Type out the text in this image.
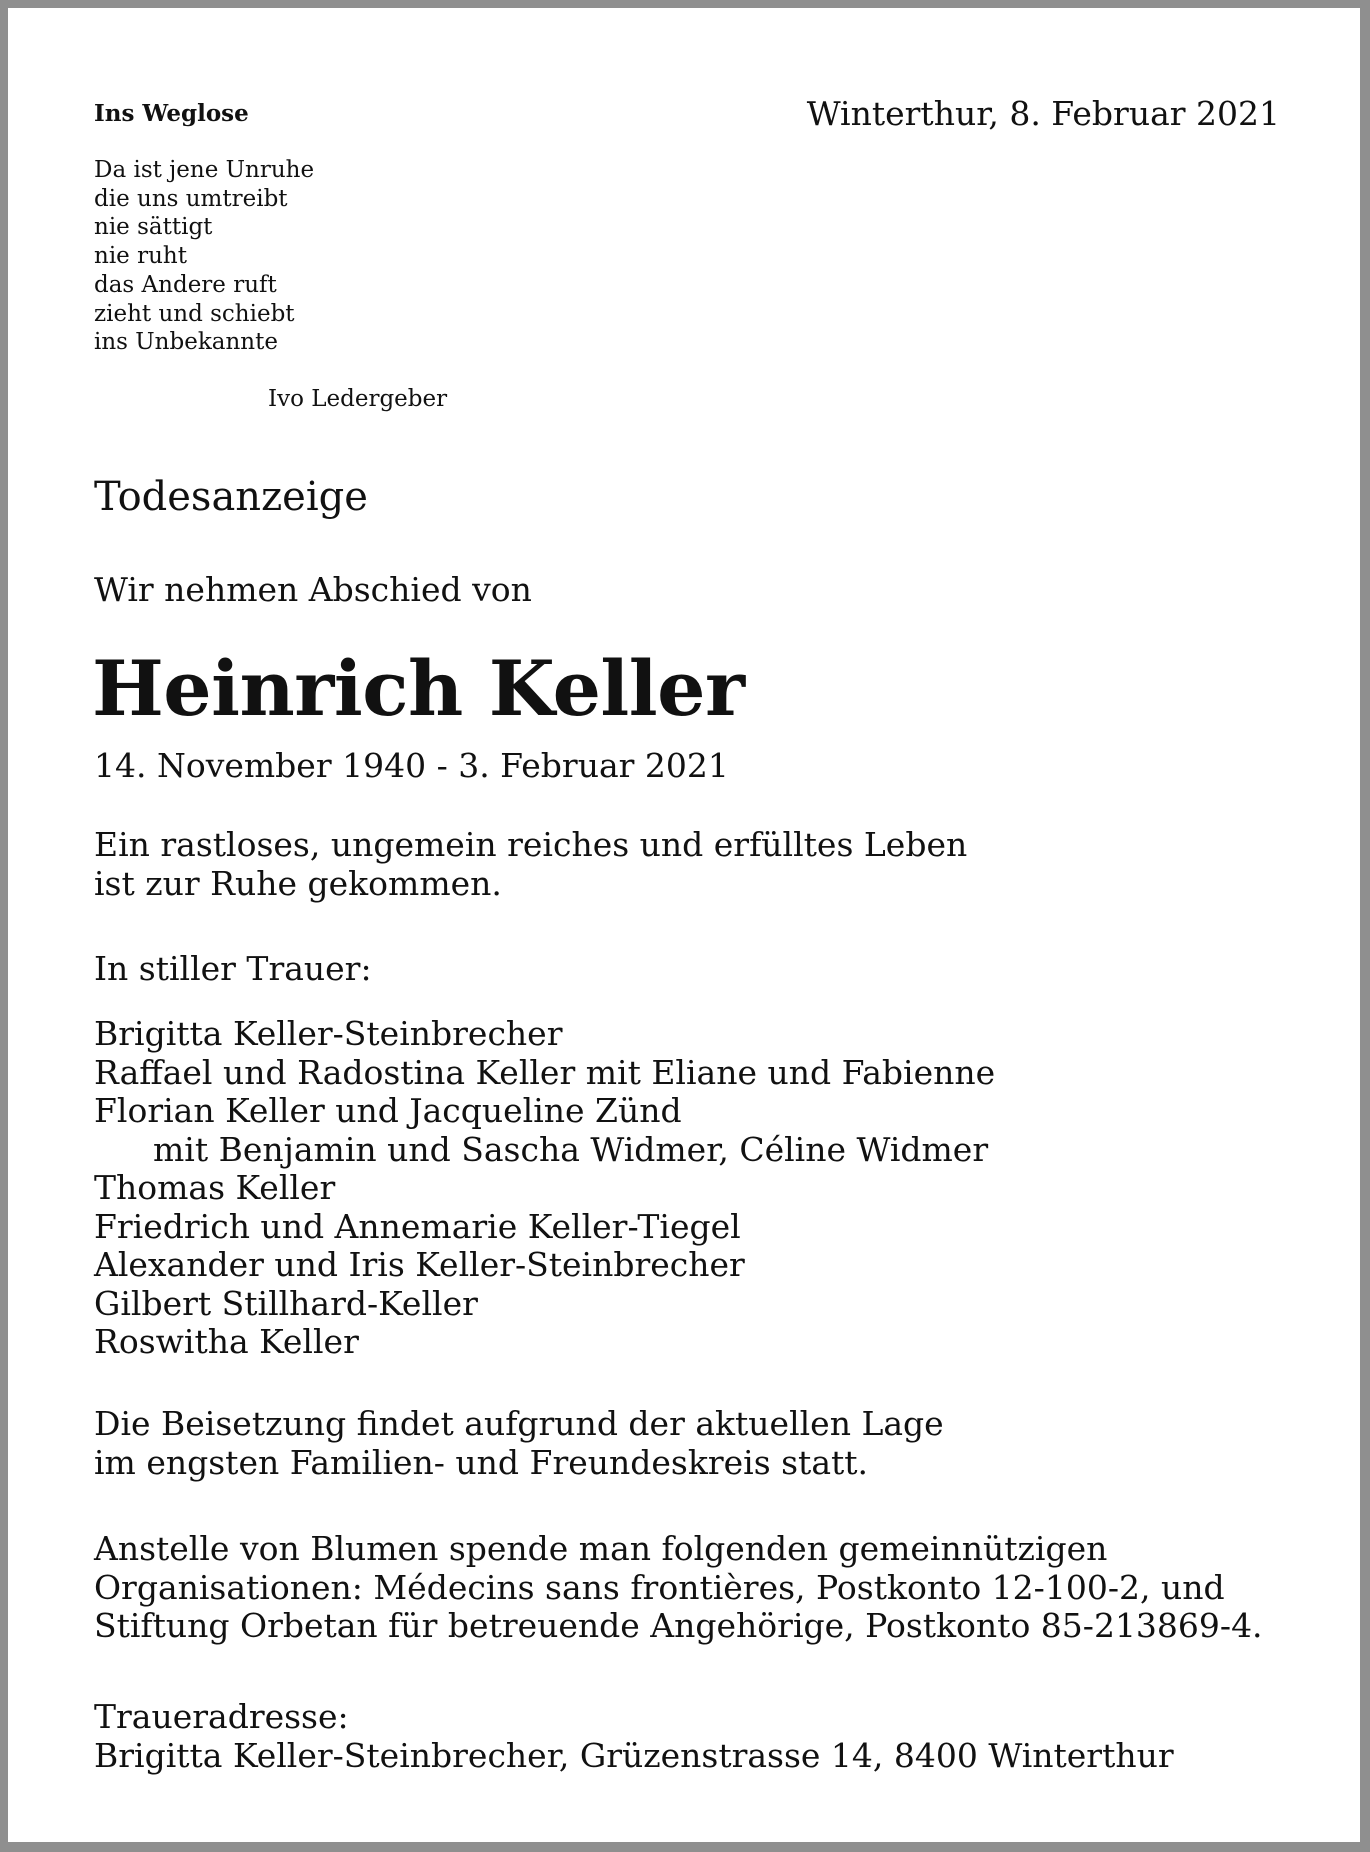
Ins Weglose
Da ist jene Unruhe
die uns umtreibt
nie sättigt
nie ruht
das Andere ruft
zieht und schiebt
ins Unbekannte
Ivo Ledergeber
Winterthur, 8. Februar 2021
Todesanzeige
Wir nehmen Abschied von
Heinrich Keller
14. November 1940 - 3. Februar 2021
Ein rastloses, ungemein reiches und erfülltes Leben
ist zur Ruhe gekommen.
In stiller Trauer:
Brigitta Keller-Steinbrecher
Raffael und Radostina Keller mit Eliane und Fabienne
Florian Keller und Jacqueline Zünd
mit Benjamin und Sascha Widmer, Céline Widmer
Thomas Keller
Friedrich und Annemarie Keller-Tiegel
Alexander und Iris Keller-Steinbrecher
Gilbert Stillhard-Keller
Roswitha Keller
Die Beisetzung findet aufgrund der aktuellen Lage
im engsten Familien- und Freundeskreis statt.
Anstelle von Blumen spende man folgenden gemeinnützigen
Organisationen: Médecins sans frontières, Postkonto 12-100-2, und
Stiftung Orbetan für betreuende Angehörige, Postkonto 85-213869-4.
Traueradresse:
Brigitta Keller-Steinbrecher, Grüzenstrasse 14, 8400 Winterthur
